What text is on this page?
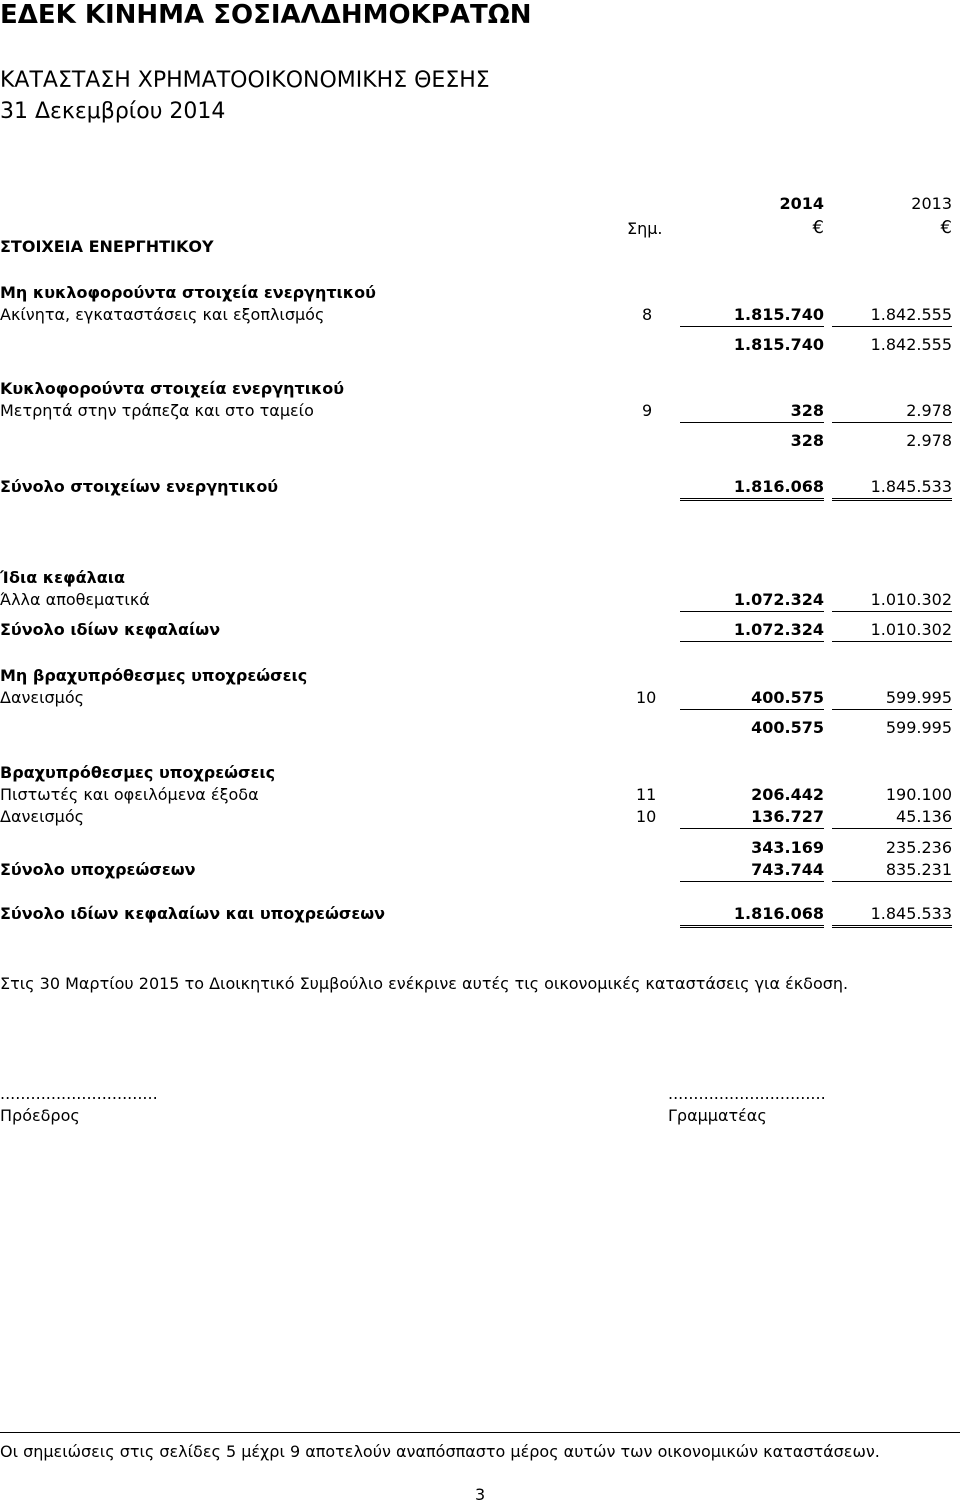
ΕΔΕΚ ΚΙΝΗΜΑ ΣΟΣΙΑΛΔΗΜΟΚΡΑΤΩΝ
ΚΑΤΑΣΤΑΣΗ ΧΡΗΜΑΤΟΟΙΚΟΝΟΜΙΚΗΣ ΘΕΣΗΣ
31 Δεκεμβρίου 2014
2014	2013
Σημ.	€	€
ΣΤΟΙΧΕΙΑ ΕΝΕΡΓΗΤΙΚΟΥ
Μη κυκλοφορούντα στοιχεία ενεργητικού
Ακίνητα, εγκαταστάσεις και εξοπλισμός	8	1.815.740	1.842.555
1.815.740	1.842.555
Κυκλοφορούντα στοιχεία ενεργητικού
Μετρητά στην τράπεζα και στο ταμείο	9	328	2.978
328	2.978
Σύνολο στοιχείων ενεργητικού	1.816.068	1.845.533
Ίδια κεφάλαια
Άλλα αποθεματικά	1.072.324	1.010.302
Σύνολο ιδίων κεφαλαίων	1.072.324	1.010.302
Μη βραχυπρόθεσμες υποχρεώσεις
Δανεισμός	10	400.575	599.995
400.575	599.995
Βραχυπρόθεσμες υποχρεώσεις
Πιστωτές και οφειλόμενα έξοδα	11	206.442	190.100
Δανεισμός	10	136.727	45.136
343.169	235.236
Σύνολο υποχρεώσεων	743.744	835.231
Σύνολο ιδίων κεφαλαίων και υποχρεώσεων	1.816.068	1.845.533
Στις 30 Μαρτίου 2015 το Διοικητικό Συμβούλιο ενέκρινε αυτές τις οικονομικές καταστάσεις για έκδοση.
...............................
Πρόεδρος
...............................
Γραμματέας
Οι σημειώσεις στις σελίδες 5 μέχρι 9 αποτελούν αναπόσπαστο μέρος αυτών των οικονομικών καταστάσεων.
3
